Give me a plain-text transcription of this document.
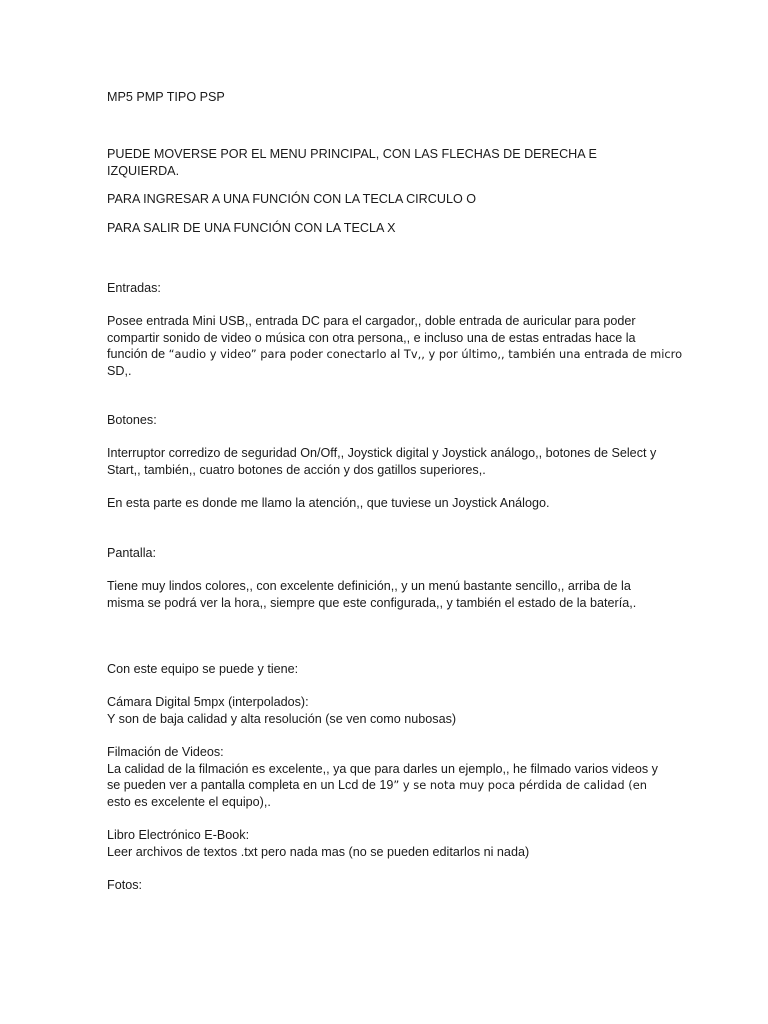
MP5 PMP TIPO PSP

PUEDE MOVERSE POR EL MENU PRINCIPAL, CON LAS FLECHAS DE DERECHA E
IZQUIERDA.

PARA INGRESAR A UNA FUNCIÓN CON LA TECLA CIRCULO O

PARA SALIR DE UNA FUNCIÓN CON LA TECLA X

Entradas:

Posee entrada Mini USB,, entrada DC para el cargador,, doble entrada de auricular para poder
compartir sonido de video o música con otra persona,, e incluso una de estas entradas hace la
función de “audio y video” para poder conectarlo al Tv,, y por último,, también una entrada de micro
SD,.

Botones:

Interruptor corredizo de seguridad On/Off,, Joystick digital y Joystick análogo,, botones de Select y
Start,, también,, cuatro botones de acción y dos gatillos superiores,.

En esta parte es donde me llamo la atención,, que tuviese un Joystick Análogo.

Pantalla:

Tiene muy lindos colores,, con excelente definición,, y un menú bastante sencillo,, arriba de la
misma se podrá ver la hora,, siempre que este configurada,, y también el estado de la batería,.

Con este equipo se puede y tiene:

Cámara Digital 5mpx (interpolados):
Y son de baja calidad y alta resolución (se ven como nubosas)

Filmación de Videos:
La calidad de la filmación es excelente,, ya que para darles un ejemplo,, he filmado varios videos y
se pueden ver a pantalla completa en un Lcd de 19” y se nota muy poca pérdida de calidad (en
esto es excelente el equipo),.

Libro Electrónico E-Book:
Leer archivos de textos .txt pero nada mas (no se pueden editarlos ni nada)

Fotos:
